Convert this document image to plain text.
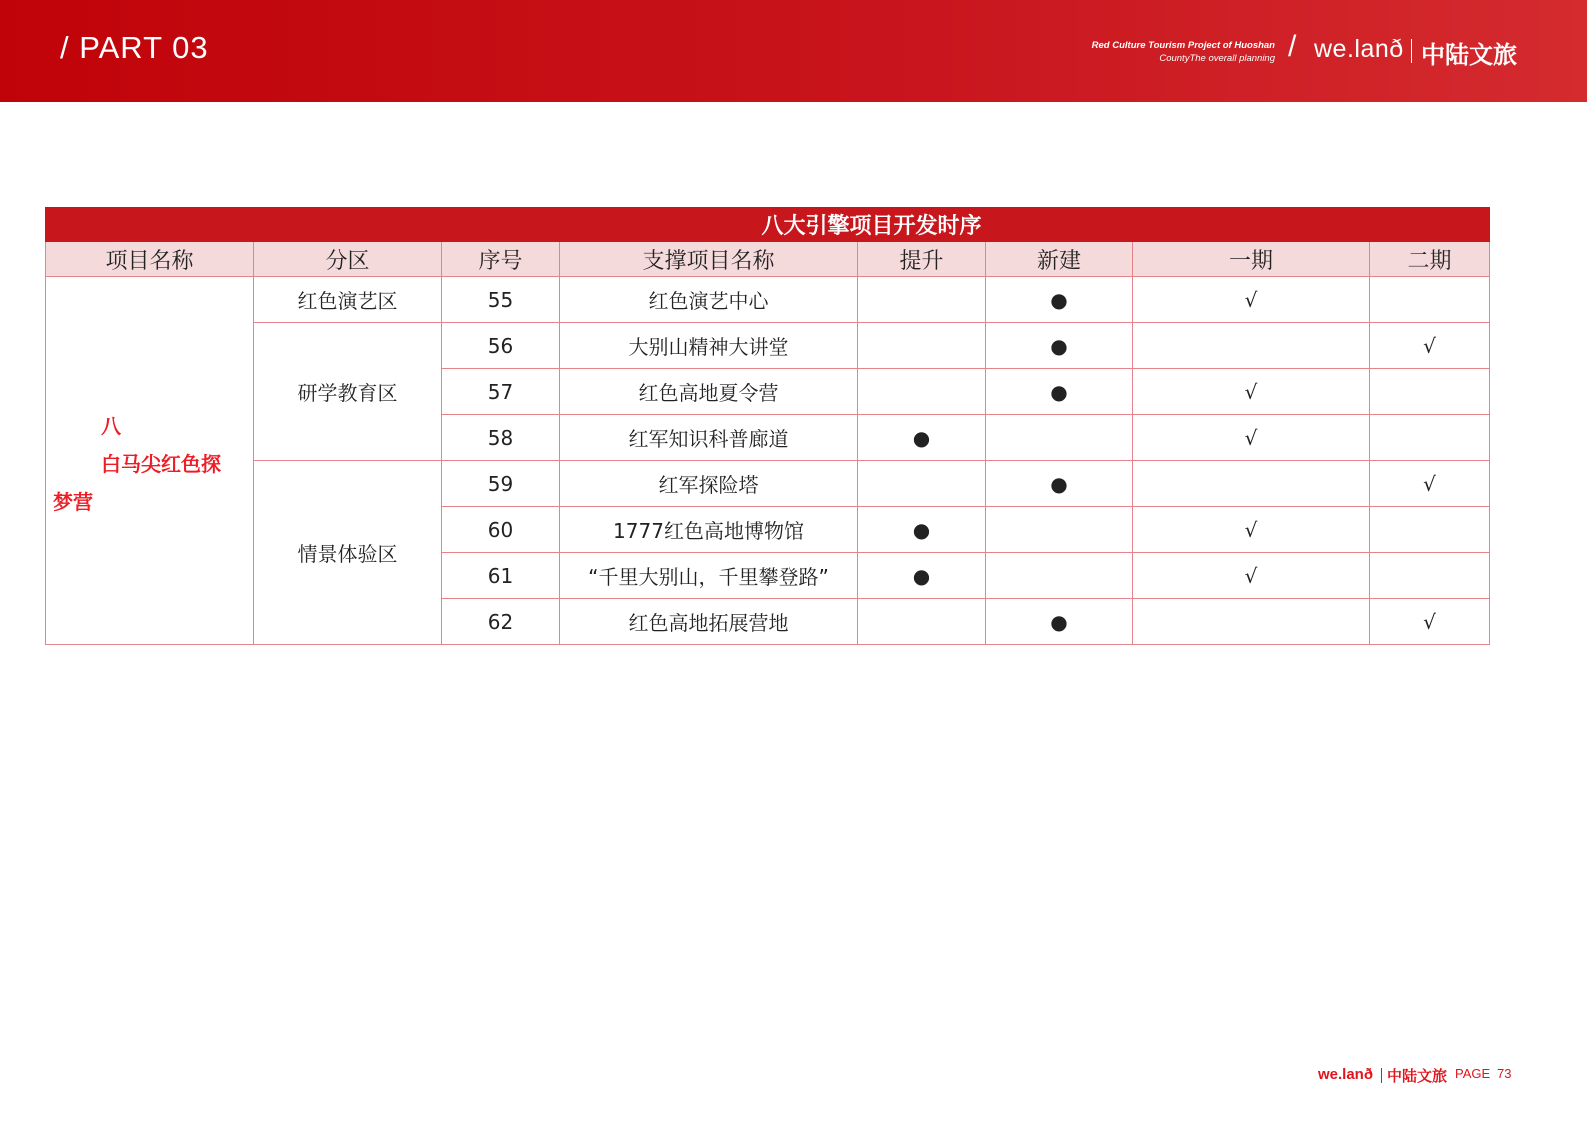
/ PART 03	Red Culture Tourism Project of Huoshan
CountyThe overall planning / we.lanð 中陆文旅
	八大引擎项目开发时序						
项目名称	分区	序号	支撑项目名称	提升	新建	一期	二期

八
白马尖红色探
梦营	红色演艺区	55	红色演艺中心		●	√	
	研学教育区	56	大别山精神大讲堂		●		√
		57	红色高地夏令营		●	√	
		58	红军知识科普廊道	●		√	
	情景体验区	59	红军探险塔		●		√
		60	1777红色高地博物馆	●		√	
		61	“千里大别山，千里攀登路”	●		√	
		62	红色高地拓展营地		●		√
we.lanð 中陆文旅 PAGE 73
